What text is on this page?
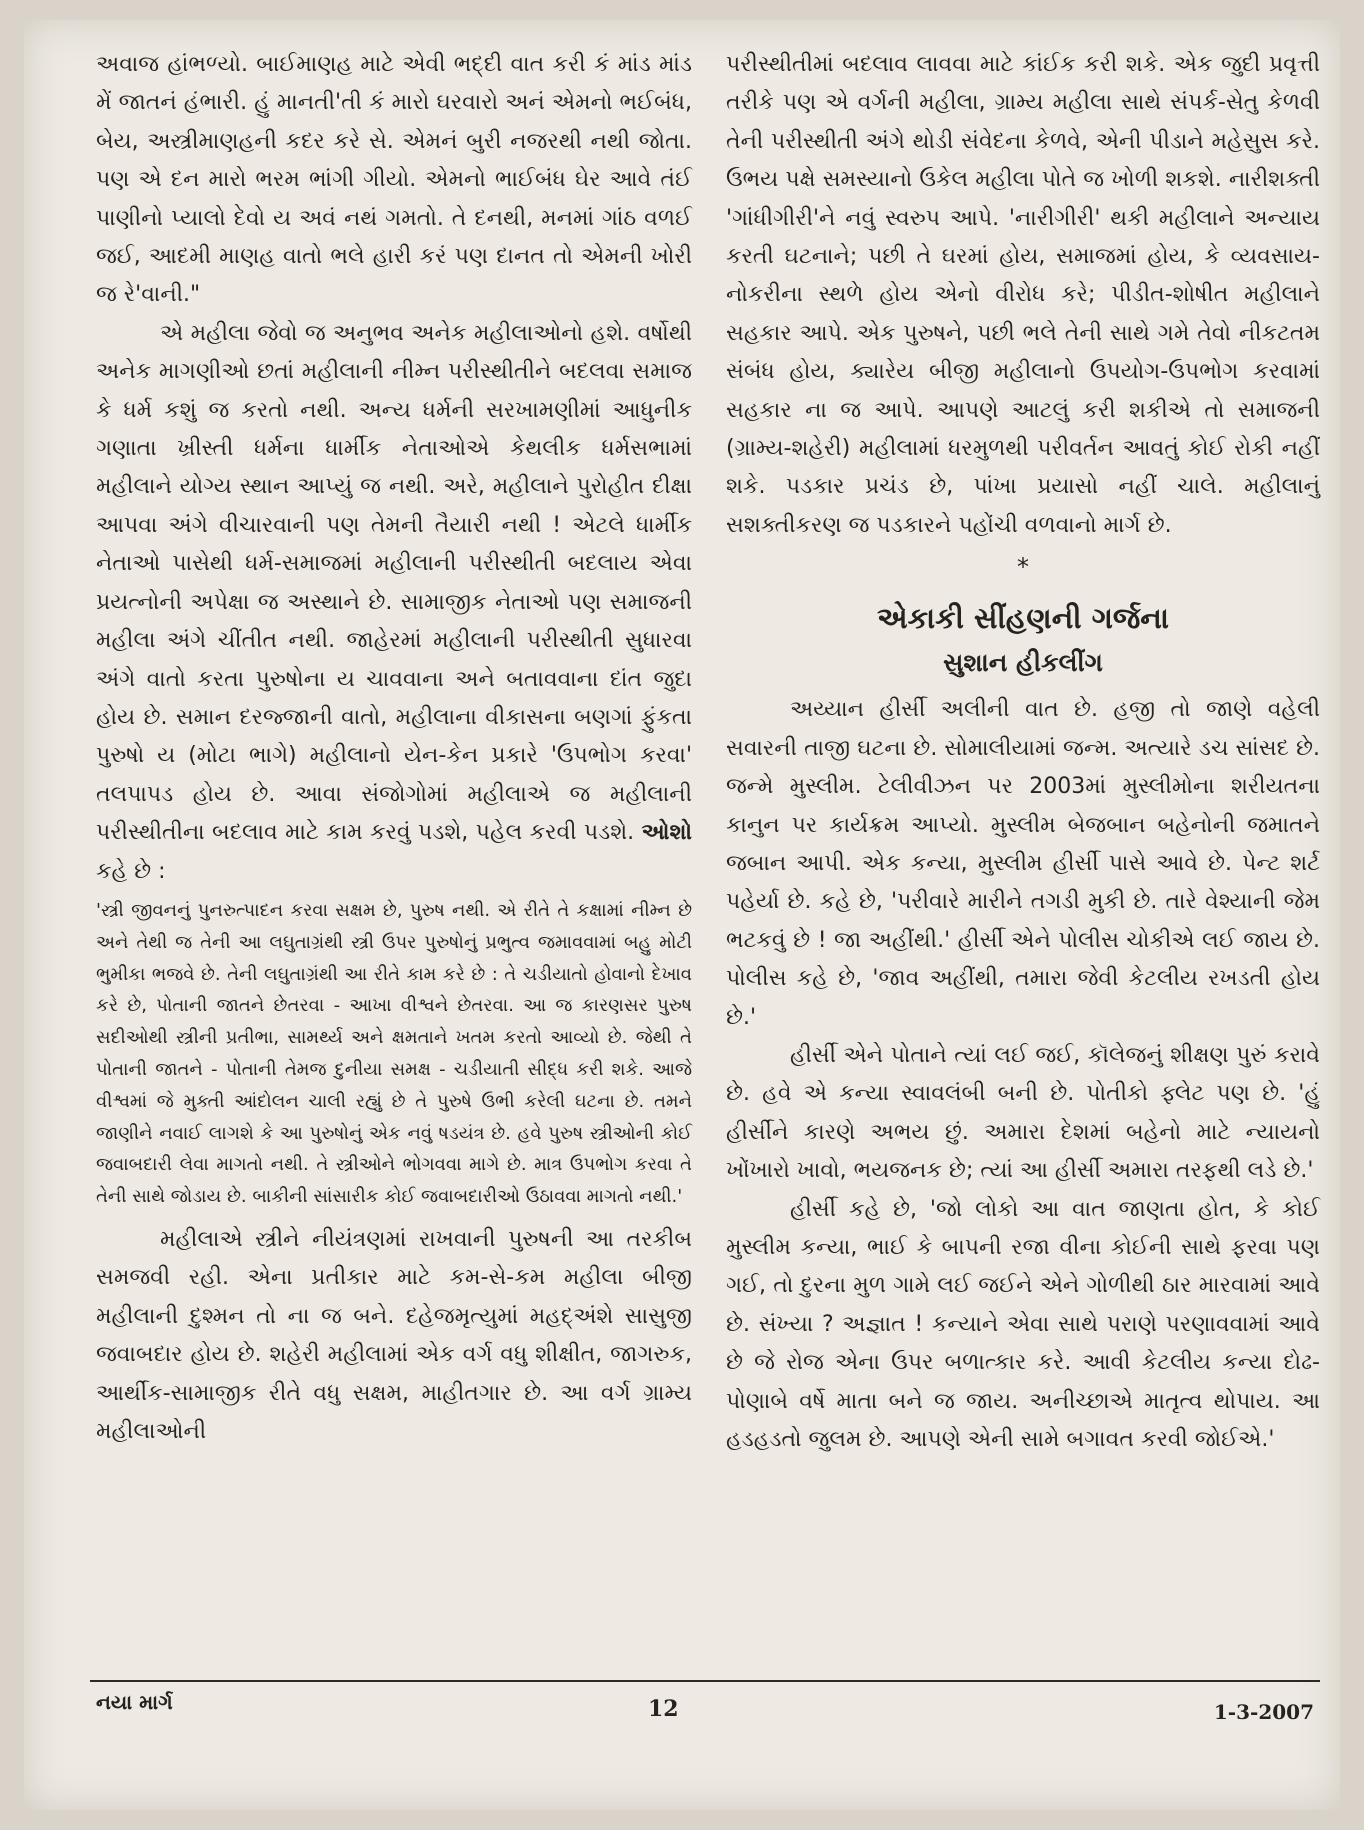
અવાજ હાંભળ્યો. બાઈમાણહ માટે એવી ભદ્દી વાત કરી કં માંડ માંડ મેં જાતનં હંભારી. હું માનતી'તી કં મારો ઘરવારો અનં એમનો ભઈબંધ, બેય, અસ્ત્રીમાણહની કદર કરે સે. એમનં બુરી નજરથી નથી જોતા. પણ એ દન મારો ભરમ ભાંગી ગીયો. એમનો ભાઈબંધ ઘેર આવે તંઈ પાણીનો પ્યાલો દેવો ય અવં નથં ગમતો. તે દનથી, મનમાં ગાંઠ વળઈ જઈ, આદમી માણહ વાતો ભલે હારી કરં પણ દાનત તો એમની ખોરી જ રે'વાની."

એ મહીલા જેવો જ અનુભવ અનેક મહીલાઓનો હશે. વર્ષોથી અનેક માગણીઓ છતાં મહીલાની નીમ્ન પરીસ્થીતીને બદલવા સમાજ કે ધર્મ કશું જ કરતો નથી. અન્ય ધર્મની સરખામણીમાં આધુનીક ગણાતા ખ્રીસ્તી ધર્મના ધાર્મીક નેતાઓએ કેથલીક ધર્મસભામાં મહીલાને યોગ્ય સ્થાન આપ્યું જ નથી. અરે, મહીલાને પુરોહીત દીક્ષા આપવા અંગે વીચારવાની પણ તેમની તૈયારી નથી ! એટલે ધાર્મીક નેતાઓ પાસેથી ધર્મ-સમાજમાં મહીલાની પરીસ્થીતી બદલાય એવા પ્રયત્નોની અપેક્ષા જ અસ્થાને છે. સામાજીક નેતાઓ પણ સમાજની મહીલા અંગે ચીંતીત નથી. જાહેરમાં મહીલાની પરીસ્થીતી સુધારવા અંગે વાતો કરતા પુરુષોના ય ચાવવાના અને બતાવવાના દાંત જુદા હોય છે. સમાન દરજ્જાની વાતો, મહીલાના વીકાસના બણગાં ફુંકતા પુરુષો ય (મોટા ભાગે) મહીલાનો યેન-કેન પ્રકારે 'ઉપભોગ કરવા' તલપાપડ હોય છે. આવા સંજોગોમાં મહીલાએ જ મહીલાની પરીસ્થીતીના બદલાવ માટે કામ કરવું પડશે, પહેલ કરવી પડશે. ઓશો કહે છે :

'સ્ત્રી જીવનનું પુનરુત્પાદન કરવા સક્ષમ છે, પુરુષ નથી. એ રીતે તે કક્ષામાં નીમ્ન છે અને તેથી જ તેની આ લઘુતાગ્રંથી સ્ત્રી ઉપર પુરુષોનું પ્રભુત્વ જમાવવામાં બહુ મોટી ભુમીકા ભજવે છે. તેની લઘુતાગ્રંથી આ રીતે કામ કરે છે : તે ચડીયાતો હોવાનો દેખાવ કરે છે, પોતાની જાતને છેતરવા - આખા વીશ્વને છેતરવા. આ જ કારણસર પુરુષ સદીઓથી સ્ત્રીની પ્રતીભા, સામર્થ્ય અને ક્ષમતાને ખતમ કરતો આવ્યો છે. જેથી તે પોતાની જાતને - પોતાની તેમજ દુનીયા સમક્ષ - ચડીયાતી સીદ્ધ કરી શકે. આજે વીશ્વમાં જે મુક્તી આંદોલન ચાલી રહ્યું છે તે પુરુષે ઉભી કરેલી ઘટના છે. તમને જાણીને નવાઈ લાગશે કે આ પુરુષોનું એક નવું ષડયંત્ર છે. હવે પુરુષ સ્ત્રીઓની કોઈ જવાબદારી લેવા માગતો નથી. તે સ્ત્રીઓને ભોગવવા માગે છે. માત્ર ઉપભોગ કરવા તે તેની સાથે જોડાય છે. બાકીની સાંસારીક કોઈ જવાબદારીઓ ઉઠાવવા માગતો નથી.'

મહીલાએ સ્ત્રીને નીયંત્રણમાં રાખવાની પુરુષની આ તરકીબ સમજવી રહી. એના પ્રતીકાર માટે કમ-સે-કમ મહીલા બીજી મહીલાની દુશ્મન તો ના જ બને. દહેજમૃત્યુમાં મહદ્અંશે સાસુજી જવાબદાર હોય છે. શહેરી મહીલામાં એક વર્ગ વધુ શીક્ષીત, જાગરુક, આર્થીક-સામાજીક રીતે વધુ સક્ષમ, માહીતગાર છે. આ વર્ગ ગ્રામ્ય મહીલાઓની

પરીસ્થીતીમાં બદલાવ લાવવા માટે કાંઈક કરી શકે. એક જુદી પ્રવૃત્તી તરીકે પણ એ વર્ગની મહીલા, ગ્રામ્ય મહીલા સાથે સંપર્ક-સેતુ કેળવી તેની પરીસ્થીતી અંગે થોડી સંવેદના કેળવે, એની પીડાને મહેસુસ કરે. ઉભય પક્ષે સમસ્યાનો ઉકેલ મહીલા પોતે જ ખોળી શકશે. નારીશક્તી 'ગાંધીગીરી'ને નવું સ્વરુપ આપે. 'નારીગીરી' થકી મહીલાને અન્યાય કરતી ઘટનાને; પછી તે ઘરમાં હોય, સમાજમાં હોય, કે વ્યવસાય-નોકરીના સ્થળે હોય એનો વીરોધ કરે; પીડીત-શોષીત મહીલાને સહકાર આપે. એક પુરુષને, પછી ભલે તેની સાથે ગમે તેવો નીકટતમ સંબંધ હોય, ક્યારેય બીજી મહીલાનો ઉપયોગ-ઉપભોગ કરવામાં સહકાર ના જ આપે. આપણે આટલું કરી શકીએ તો સમાજની (ગ્રામ્ય-શહેરી) મહીલામાં ધરમુળથી પરીવર્તન આવતું કોઈ રોકી નહીં શકે. પડકાર પ્રચંડ છે, પાંખા પ્રયાસો નહીં ચાલે. મહીલાનું સશક્તીકરણ જ પડકારને પહોંચી વળવાનો માર્ગ છે.

*
એકાકી સીંહણની ગર્જના
સુશાન હીકલીંગ

અય્યાન હીર્સી અલીની વાત છે. હજી તો જાણે વહેલી સવારની તાજી ઘટના છે. સોમાલીયામાં જન્મ. અત્યારે ડચ સાંસદ છે. જન્મે મુસ્લીમ. ટેલીવીઝન પર 2003માં મુસ્લીમોના શરીયતના કાનુન પર કાર્યક્રમ આપ્યો. મુસ્લીમ બેજબાન બહેનોની જમાતને જબાન આપી. એક કન્યા, મુસ્લીમ હીર્સી પાસે આવે છે. પેન્ટ શર્ટ પહેર્યા છે. કહે છે, 'પરીવારે મારીને તગડી મુકી છે. તારે વેશ્યાની જેમ ભટકવું છે ! જા અહીંથી.' હીર્સી એને પોલીસ ચોકીએ લઈ જાય છે. પોલીસ કહે છે, 'જાવ અહીંથી, તમારા જેવી કેટલીય રખડતી હોય છે.'

હીર્સી એને પોતાને ત્યાં લઈ જઈ, કૉલેજનું શીક્ષણ પુરું કરાવે છે. હવે એ કન્યા સ્વાવલંબી બની છે. પોતીકો ફ્લેટ પણ છે. 'હું હીર્સીને કારણે અભય છું. અમારા દેશમાં બહેનો માટે ન્યાયનો ખોંખારો ખાવો, ભયજનક છે; ત્યાં આ હીર્સી અમારા તરફથી લડે છે.'

હીર્સી કહે છે, 'જો લોકો આ વાત જાણતા હોત, કે કોઈ મુસ્લીમ કન્યા, ભાઈ કે બાપની રજા વીના કોઈની સાથે ફરવા પણ ગઈ, તો દુરના મુળ ગામે લઈ જઈને એને ગોળીથી ઠાર મારવામાં આવે છે. સંખ્યા ? અજ્ઞાત ! કન્યાને એવા સાથે પરાણે પરણાવવામાં આવે છે જે રોજ એના ઉપર બળાત્કાર કરે. આવી કેટલીય કન્યા દોઢ-પોણાબે વર્ષે માતા બને જ જાય. અનીચ્છાએ માતૃત્વ થોપાય. આ હડહડતો જુલમ છે. આપણે એની સામે બગાવત કરવી જોઈએ.'

નયા માર્ગ	12	1-3-2007
